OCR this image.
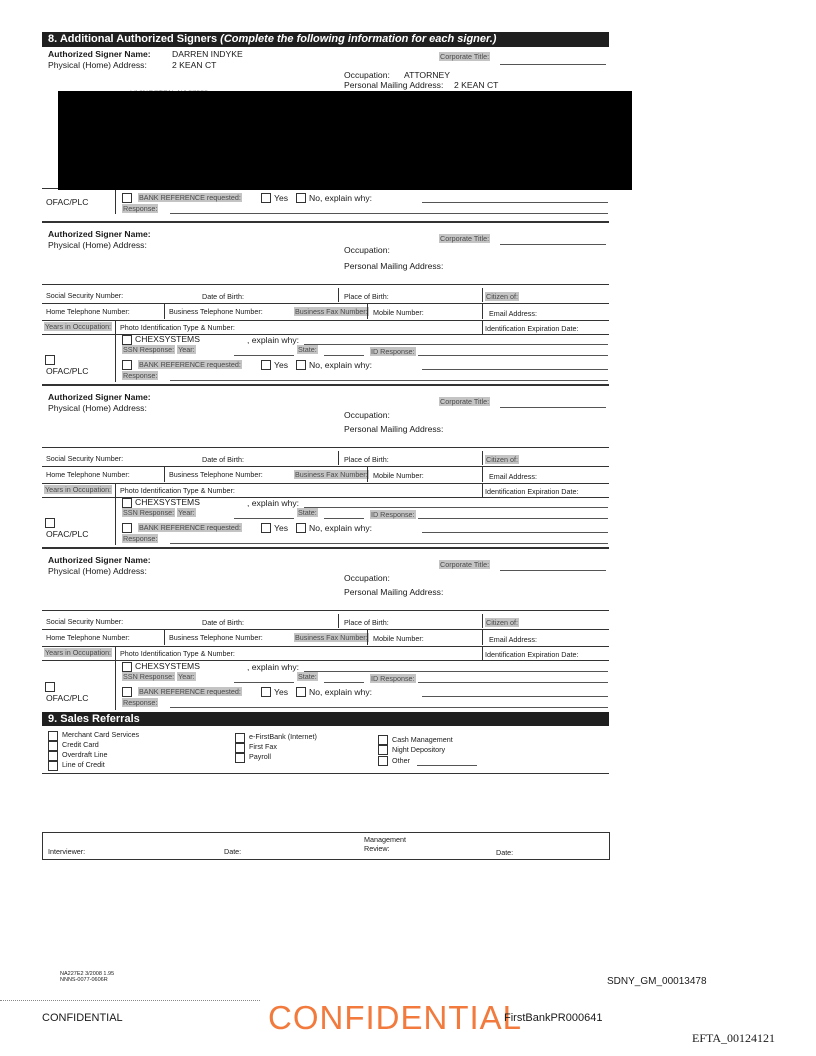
8. Additional Authorized Signers (Complete the following information for each signer.)
Authorized Signer Name: DARREN INDYKE	Corporate Title:
Physical (Home) Address:	2 KEAN CT
Occupation: ATTORNEY
Personal Mailing Address: 2 KEAN CT
OFAC/PLC	BANK REFERENCE requested:	Yes No, explain why:
Response:
Authorized Signer Name:
Physical (Home) Address:
Corporate Title:
Occupation:
Personal Mailing Address:
Social Security Number:	Date of Birth:	Place of Birth:	Citizen of:
Home Telephone Number:	Business Telephone Number:	Business Fax Number: Mobile Number:	Email Address:
Years in Occupation: Photo Identification Type & Number:	Identification Expiration Date:
CHEXSYSTEMS	, explain why:
SSN Response: Year:	State:	ID Response:
OFAC/PLC
BANK REFERENCE requested:	Yes No, explain why:
Response:
Authorized Signer Name:
Physical (Home) Address:
Corporate Title:
Occupation:
Personal Mailing Address:
Social Security Number:	Date of Birth:	Place of Birth:	Citizen of:
Home Telephone Number:	Business Telephone Number:	Business Fax Number: Mobile Number:	Email Address:
Years in Occupation: Photo Identification Type & Number:	Identification Expiration Date:
CHEXSYSTEMS	, explain why:
SSN Response: Year:	State:	ID Response:
OFAC/PLC
BANK REFERENCE requested:	Yes No, explain why:
Response:
Authorized Signer Name:
Physical (Home) Address:
Corporate Title:
Occupation:
Personal Mailing Address:
Social Security Number:	Date of Birth:	Place of Birth:	Citizen of:
Home Telephone Number:	Business Telephone Number:	Business Fax Number: Mobile Number:	Email Address:
Years in Occupation: Photo Identification Type & Number:	Identification Expiration Date:
CHEXSYSTEMS	, explain why:
SSN Response: Year:	State:	ID Response:
OFAC/PLC
BANK REFERENCE requested:	Yes No, explain why:
Response:
9. Sales Referrals
Merchant Card Services
Credit Card
Overdraft Line
Line of Credit
e-FirstBank (Internet)
First Fax
Payroll
Cash Management
Night Depository
Other
Interviewer:	Date:
Management
Review:	Date:
NA227E2 3/2008 1.95
NNNS-0077-0606R	SDNY_GM_00013478
CONFIDENTIAL
CONFIDENTIAL	FirstBankPR000641
EFTA_00124121
